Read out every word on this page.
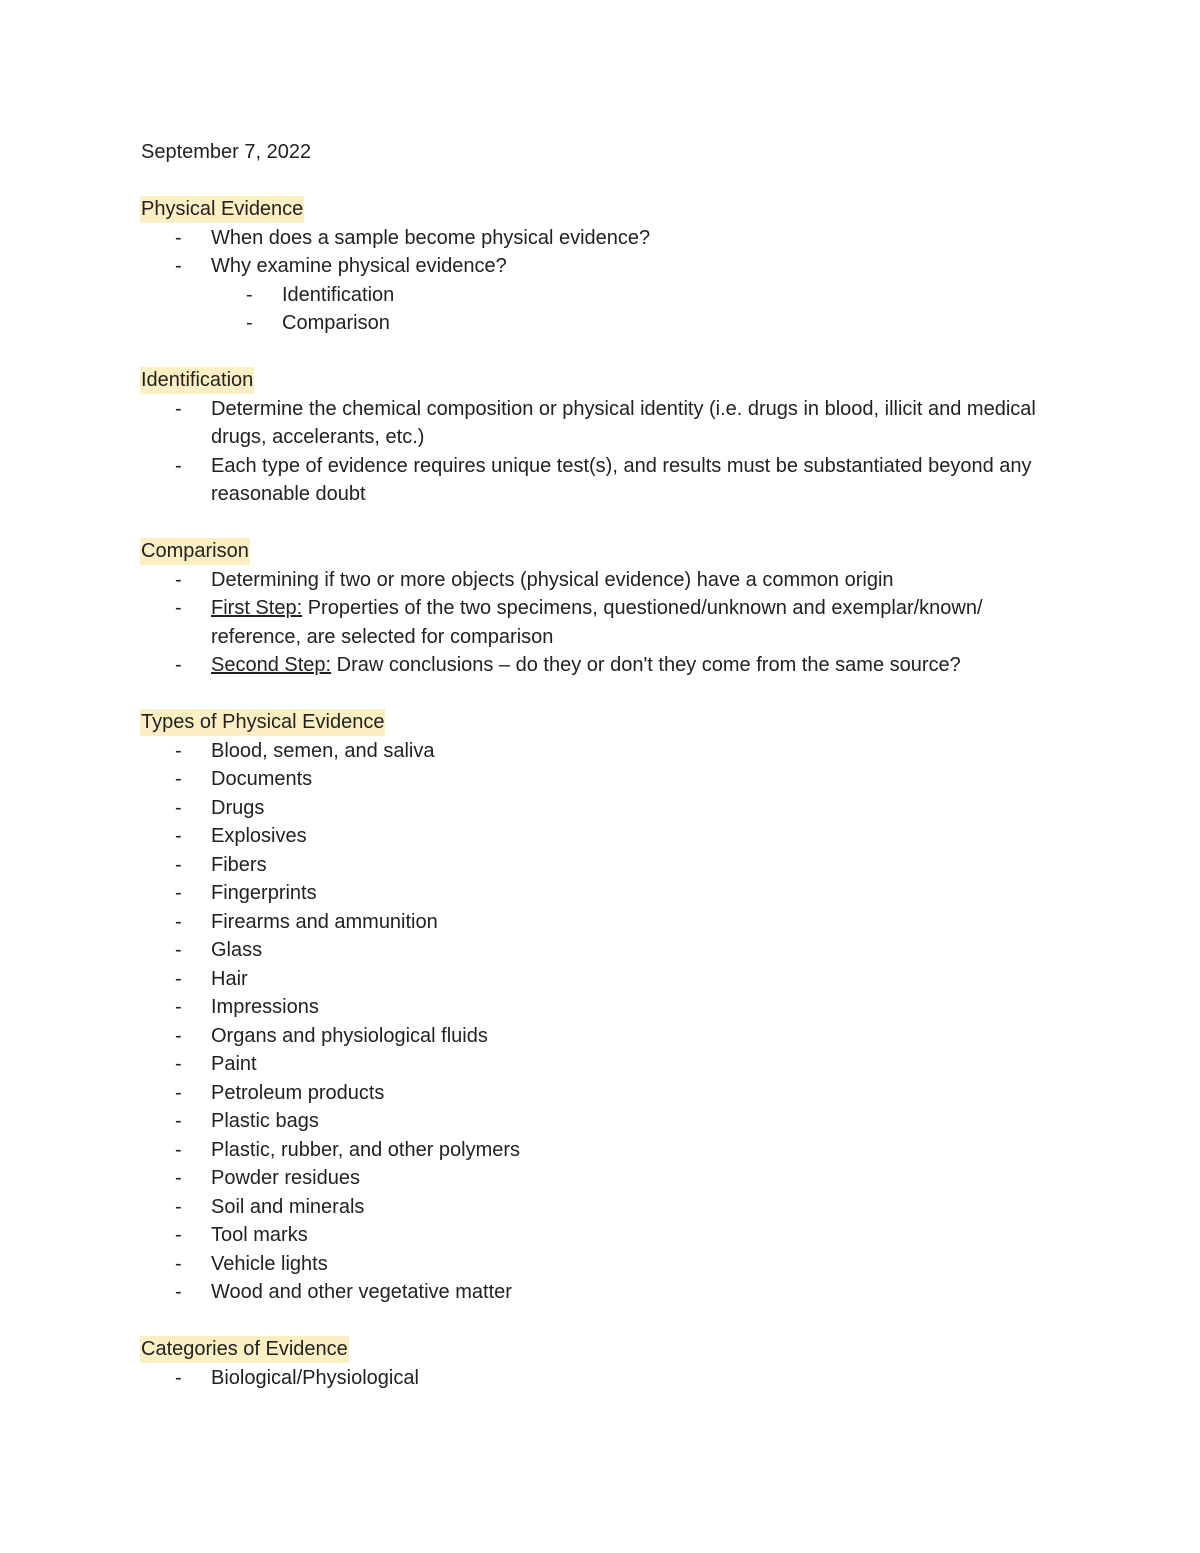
September 7, 2022
Physical Evidence
- When does a sample become physical evidence?
- Why examine physical evidence?
- Identification
- Comparison
Identification
- Determine the chemical composition or physical identity (i.e. drugs in blood, illicit and medical drugs, accelerants, etc.)
- Each type of evidence requires unique test(s), and results must be substantiated beyond any reasonable doubt
Comparison
- Determining if two or more objects (physical evidence) have a common origin
- First Step: Properties of the two specimens, questioned/unknown and exemplar/known/ reference, are selected for comparison
- Second Step: Draw conclusions – do they or don't they come from the same source?
Types of Physical Evidence
- Blood, semen, and saliva
- Documents
- Drugs
- Explosives
- Fibers
- Fingerprints
- Firearms and ammunition
- Glass
- Hair
- Impressions
- Organs and physiological fluids
- Paint
- Petroleum products
- Plastic bags
- Plastic, rubber, and other polymers
- Powder residues
- Soil and minerals
- Tool marks
- Vehicle lights
- Wood and other vegetative matter
Categories of Evidence
- Biological/Physiological
